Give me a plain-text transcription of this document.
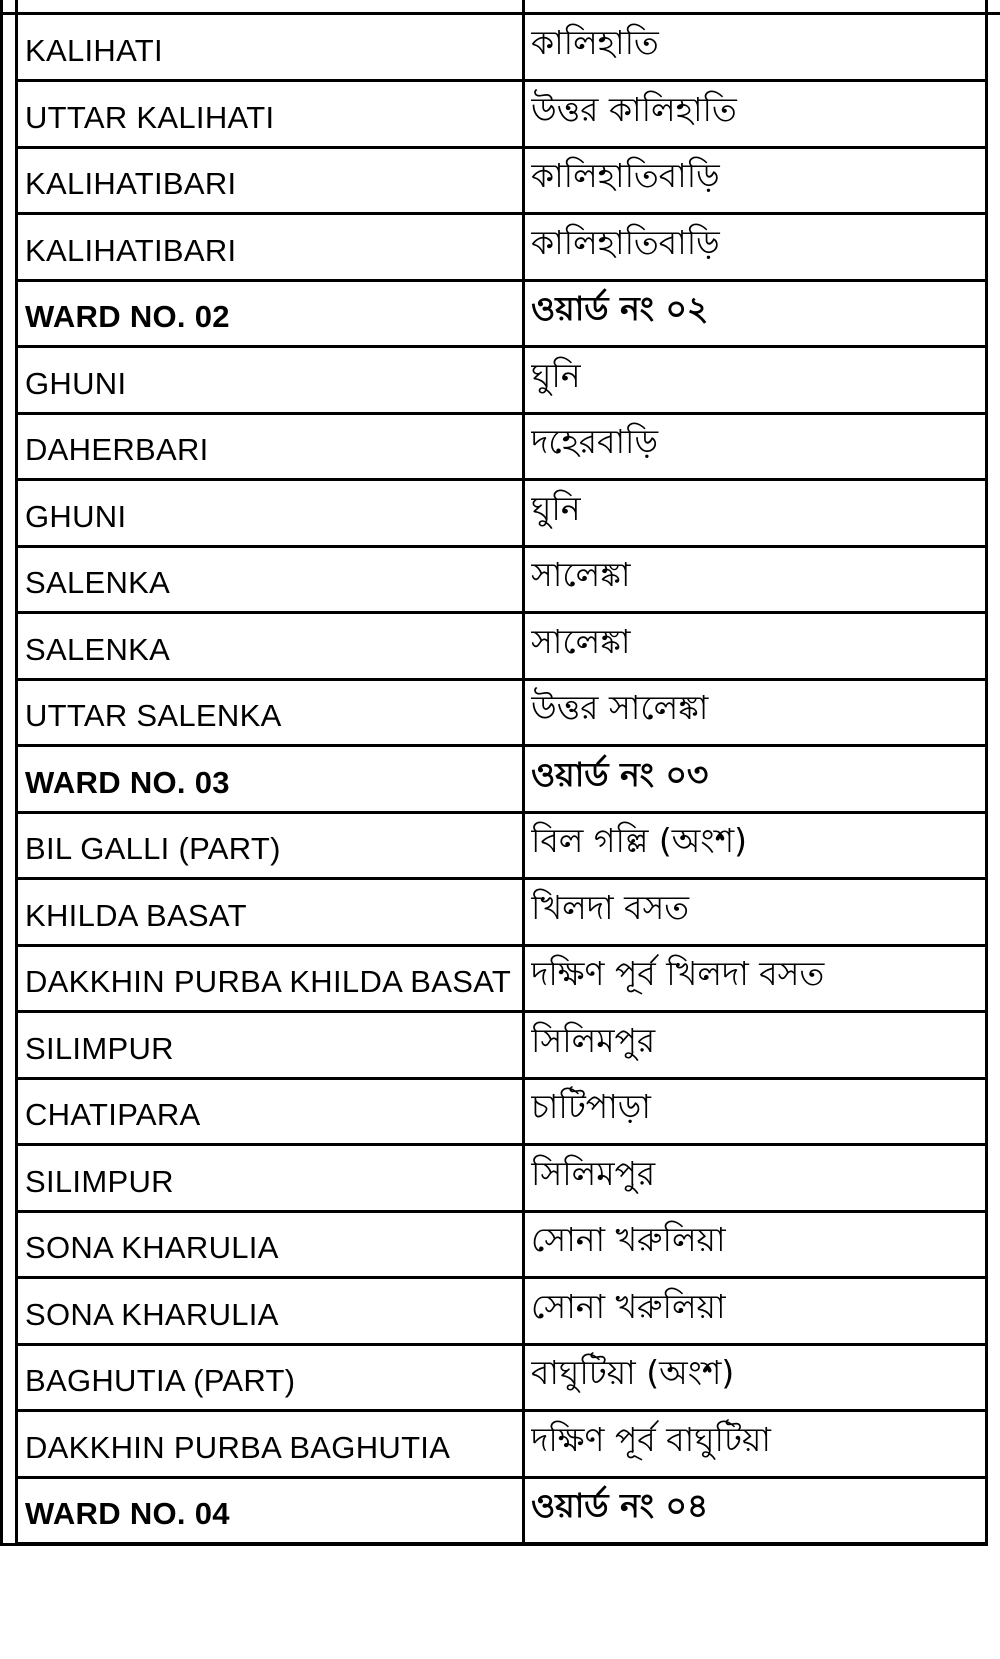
KALIHATI	কালিহাতি
UTTAR KALIHATI	উত্তর কালিহাতি
KALIHATIBARI	কালিহাতিবাড়ি
KALIHATIBARI	কালিহাতিবাড়ি
WARD NO. 02	ওয়ার্ড নং ০২
GHUNI	ঘুনি
DAHERBARI	দহেরবাড়ি
GHUNI	ঘুনি
SALENKA	সালেঙ্কা
SALENKA	সালেঙ্কা
UTTAR SALENKA	উত্তর সালেঙ্কা
WARD NO. 03	ওয়ার্ড নং ০৩
BIL GALLI (PART)	বিল গল্লি (অংশ)
KHILDA BASAT	খিলদা বসত
DAKKHIN PURBA KHILDA BASAT দক্ষিণ পূর্ব খিলদা বসত
SILIMPUR	সিলিমপুর
CHATIPARA	চাটিপাড়া
SILIMPUR	সিলিমপুর
SONA KHARULIA	সোনা খরুলিয়া
SONA KHARULIA	সোনা খরুলিয়া
BAGHUTIA (PART)	বাঘুটিয়া (অংশ)
DAKKHIN PURBA BAGHUTIA	দক্ষিণ পূর্ব বাঘুটিয়া
WARD NO. 04	ওয়ার্ড নং ০৪
